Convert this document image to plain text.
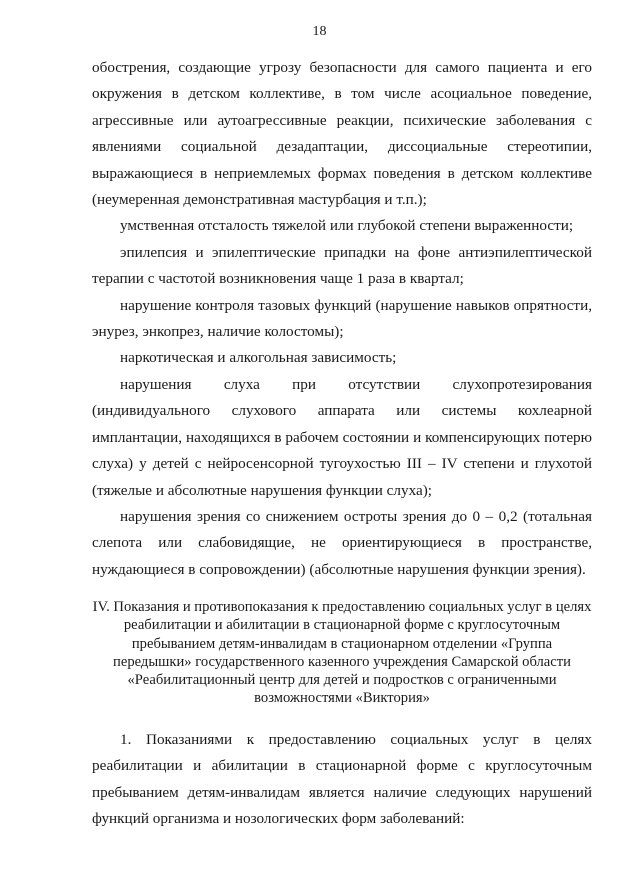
18

обострения, создающие угрозу безопасности для самого пациента и его окружения в детском коллективе, в том числе асоциальное поведение, агрессивные или аутоагрессивные реакции, психические заболевания с явлениями социальной дезадаптации, диссоциальные стереотипии, выражающиеся в неприемлемых формах поведения в детском коллективе (неумеренная демонстративная мастурбация и т.п.);

умственная отсталость тяжелой или глубокой степени выраженности;

эпилепсия и эпилептические припадки на фоне антиэпилептической терапии с частотой возникновения чаще 1 раза в квартал;

нарушение контроля тазовых функций (нарушение навыков опрятности, энурез, энкопрез, наличие колостомы);

наркотическая и алкогольная зависимость;

нарушения слуха при отсутствии слухопротезирования (индивидуального слухового аппарата или системы кохлеарной имплантации, находящихся в рабочем состоянии и компенсирующих потерю слуха) у детей с нейросенсорной тугоухостью III – IV степени и глухотой (тяжелые и абсолютные нарушения функции слуха);

нарушения зрения со снижением остроты зрения до 0 – 0,2 (тотальная слепота или слабовидящие, не ориентирующиеся в пространстве, нуждающиеся в сопровождении) (абсолютные нарушения функции зрения).

IV. Показания и противопоказания к предоставлению социальных услуг в целях реабилитации и абилитации в стационарной форме с круглосуточным пребыванием детям-инвалидам в стационарном отделении «Группа передышки» государственного казенного учреждения Самарской области «Реабилитационный центр для детей и подростков с ограниченными возможностями «Виктория»

1. Показаниями к предоставлению социальных услуг в целях реабилитации и абилитации в стационарной форме с круглосуточным пребыванием детям-инвалидам является наличие следующих нарушений функций организма и нозологических форм заболеваний:
